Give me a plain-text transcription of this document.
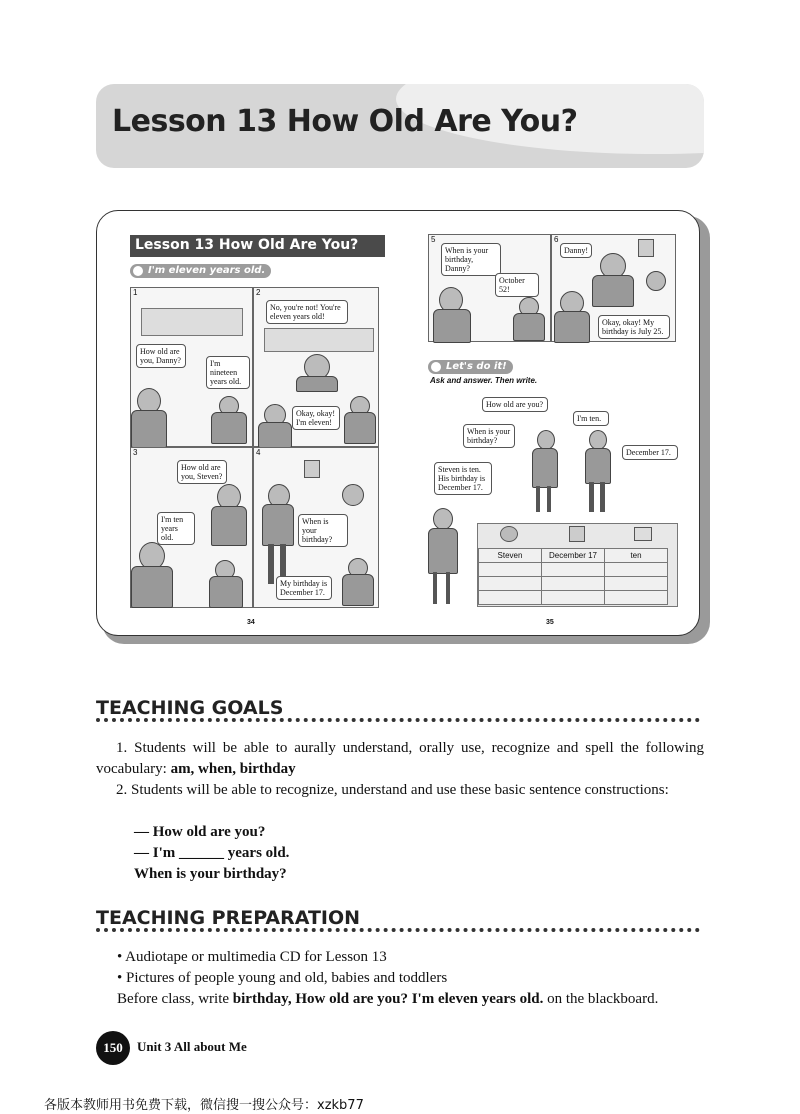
Lesson 13 How Old Are You?
Lesson 13 How Old Are You?
I'm eleven years old.
1
How old are you, Danny?	I'm nineteen years old.
2
No, you're not! You're eleven years old!
Okay, okay! I'm eleven!
3
How old are you, Steven?
I'm ten years old.
4
When is your birthday?
My birthday is December 17.
34
5
When is your birthday, Danny?
October 52!
6
Danny!
Okay, okay! My birthday is July 25.
Let's do it!
Ask and answer. Then write.
How old are you?
I'm ten.
When is your birthday?
December 17.
Steven is ten. His birthday is December 17.
Steven	December 17	ten

35
TEACHING GOALS
1. Students will be able to aurally understand, orally use, recognize and spell the following vocabulary: am, when, birthday
2. Students will be able to recognize, understand and use these basic sentence constructions:
— How old are you?
— I'm ______ years old.
When is your birthday?
TEACHING PREPARATION
• Audiotape or multimedia CD for Lesson 13
• Pictures of people young and old, babies and toddlers
Before class, write birthday, How old are you? I'm eleven years old. on the blackboard.
150	Unit 3 All about Me
各版本教师用书免费下载，微信搜一搜公众号：xzkb77
